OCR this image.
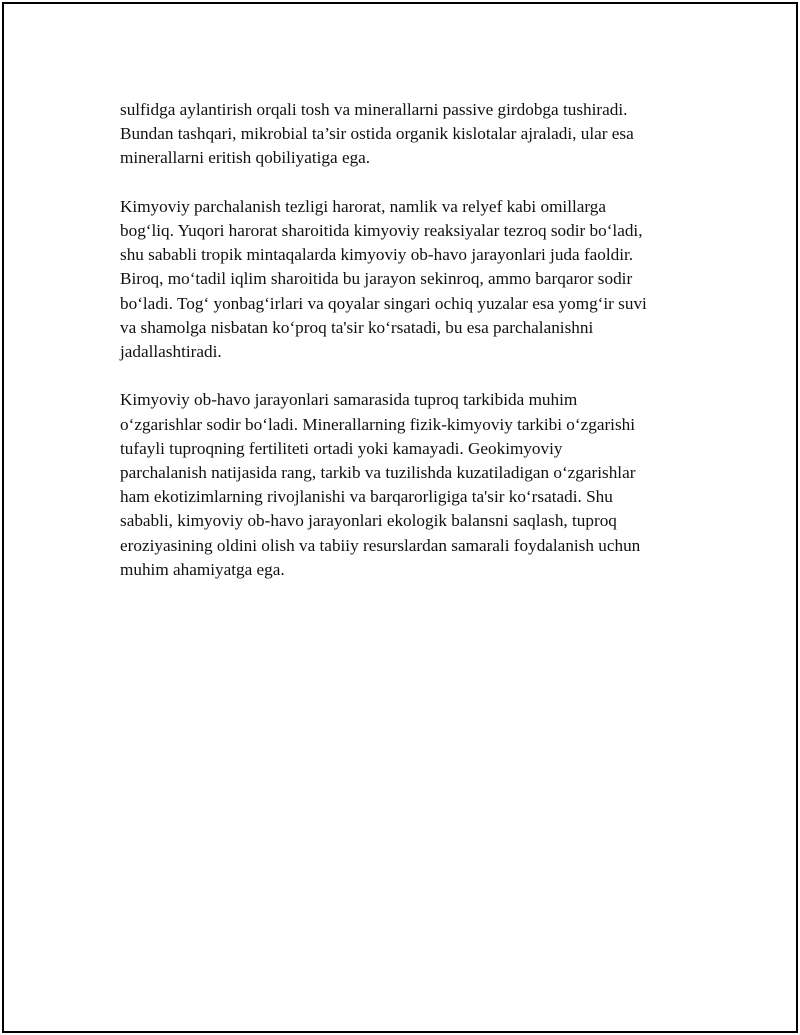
sulfidga aylantirish orqali tosh va minerallarni passive girdobga tushiradi.
Bundan tashqari, mikrobial ta’sir ostida organik kislotalar ajraladi, ular esa
minerallarni eritish qobiliyatiga ega.

Kimyoviy parchalanish tezligi harorat, namlik va relyef kabi omillarga
bog‘liq. Yuqori harorat sharoitida kimyoviy reaksiyalar tezroq sodir bo‘ladi,
shu sababli tropik mintaqalarda kimyoviy ob-havo jarayonlari juda faoldir.
Biroq, mo‘tadil iqlim sharoitida bu jarayon sekinroq, ammo barqaror sodir
bo‘ladi. Tog‘ yonbag‘irlari va qoyalar singari ochiq yuzalar esa yomg‘ir suvi
va shamolga nisbatan ko‘proq ta'sir ko‘rsatadi, bu esa parchalanishni
jadallashtiradi.

Kimyoviy ob-havo jarayonlari samarasida tuproq tarkibida muhim
o‘zgarishlar sodir bo‘ladi. Minerallarning fizik-kimyoviy tarkibi o‘zgarishi
tufayli tuproqning fertiliteti ortadi yoki kamayadi. Geokimyoviy
parchalanish natijasida rang, tarkib va tuzilishda kuzatiladigan o‘zgarishlar
ham ekotizimlarning rivojlanishi va barqarorligiga ta'sir ko‘rsatadi. Shu
sababli, kimyoviy ob-havo jarayonlari ekologik balansni saqlash, tuproq
eroziyasining oldini olish va tabiiy resurslardan samarali foydalanish uchun
muhim ahamiyatga ega.
